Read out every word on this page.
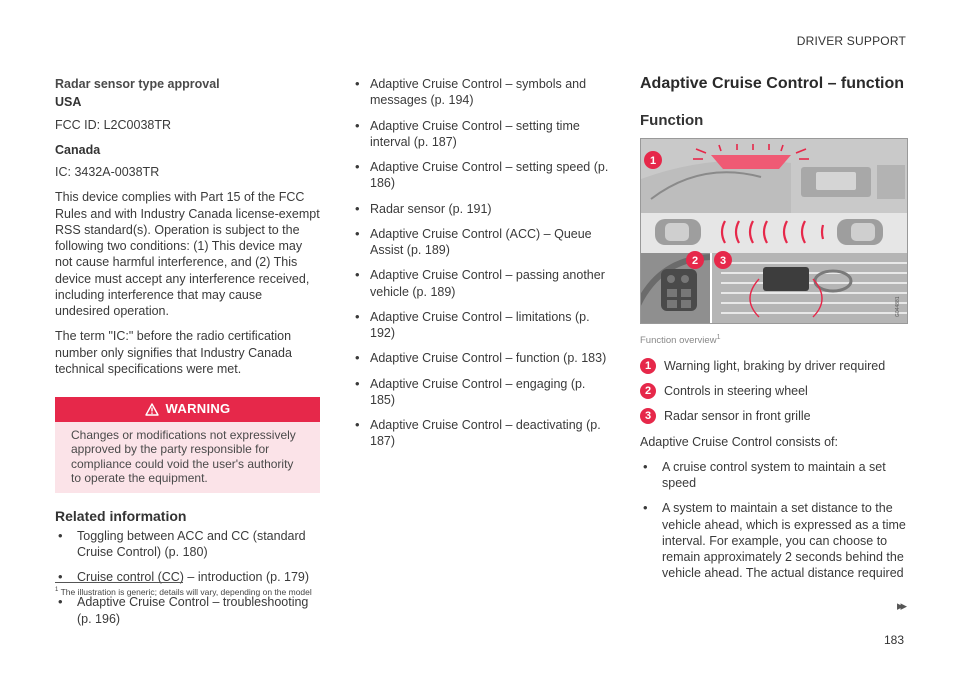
DRIVER SUPPORT

Radar sensor type approval

USA

FCC ID: L2C0038TR

Canada

IC: 3432A-0038TR

This device complies with Part 15 of the FCC Rules and with Industry Canada license-exempt RSS standard(s). Operation is subject to the following two conditions: (1) This device may not cause harmful interference, and (2) This device must accept any interference received, including interference that may cause undesired operation.

The term "IC:" before the radio certification number only signifies that Industry Canada technical specifications were met.

WARNING
Changes or modifications not expressively approved by the party responsible for compliance could void the user's authority to operate the equipment.
Related information
• Toggling between ACC and CC (standard Cruise Control) (p. 180)
• Cruise control (CC) – introduction (p. 179)
• Adaptive Cruise Control – troubleshooting (p. 196)
• Adaptive Cruise Control – symbols and messages (p. 194)
• Adaptive Cruise Control – setting time interval (p. 187)
• Adaptive Cruise Control – setting speed (p. 186)
• Radar sensor (p. 191)
• Adaptive Cruise Control (ACC) – Queue Assist (p. 189)
• Adaptive Cruise Control – passing another vehicle (p. 189)
• Adaptive Cruise Control – limitations (p. 192)
• Adaptive Cruise Control – function (p. 183)
• Adaptive Cruise Control – engaging (p. 185)
• Adaptive Cruise Control – deactivating (p. 187)
Adaptive Cruise Control – function
Function
G044881
1
2 3
Function overview$^1$
1	Warning light, braking by driver required
2	Controls in steering wheel
3	Radar sensor in front grille

Adaptive Cruise Control consists of:

• A cruise control system to maintain a set speed
• A system to maintain a set distance to the vehicle ahead, which is expressed as a time interval. For example, you can choose to remain approximately 2 seconds behind the vehicle ahead. The actual distance required
$^1$ The illustration is generic; details will vary, depending on the model
▸▸
183
